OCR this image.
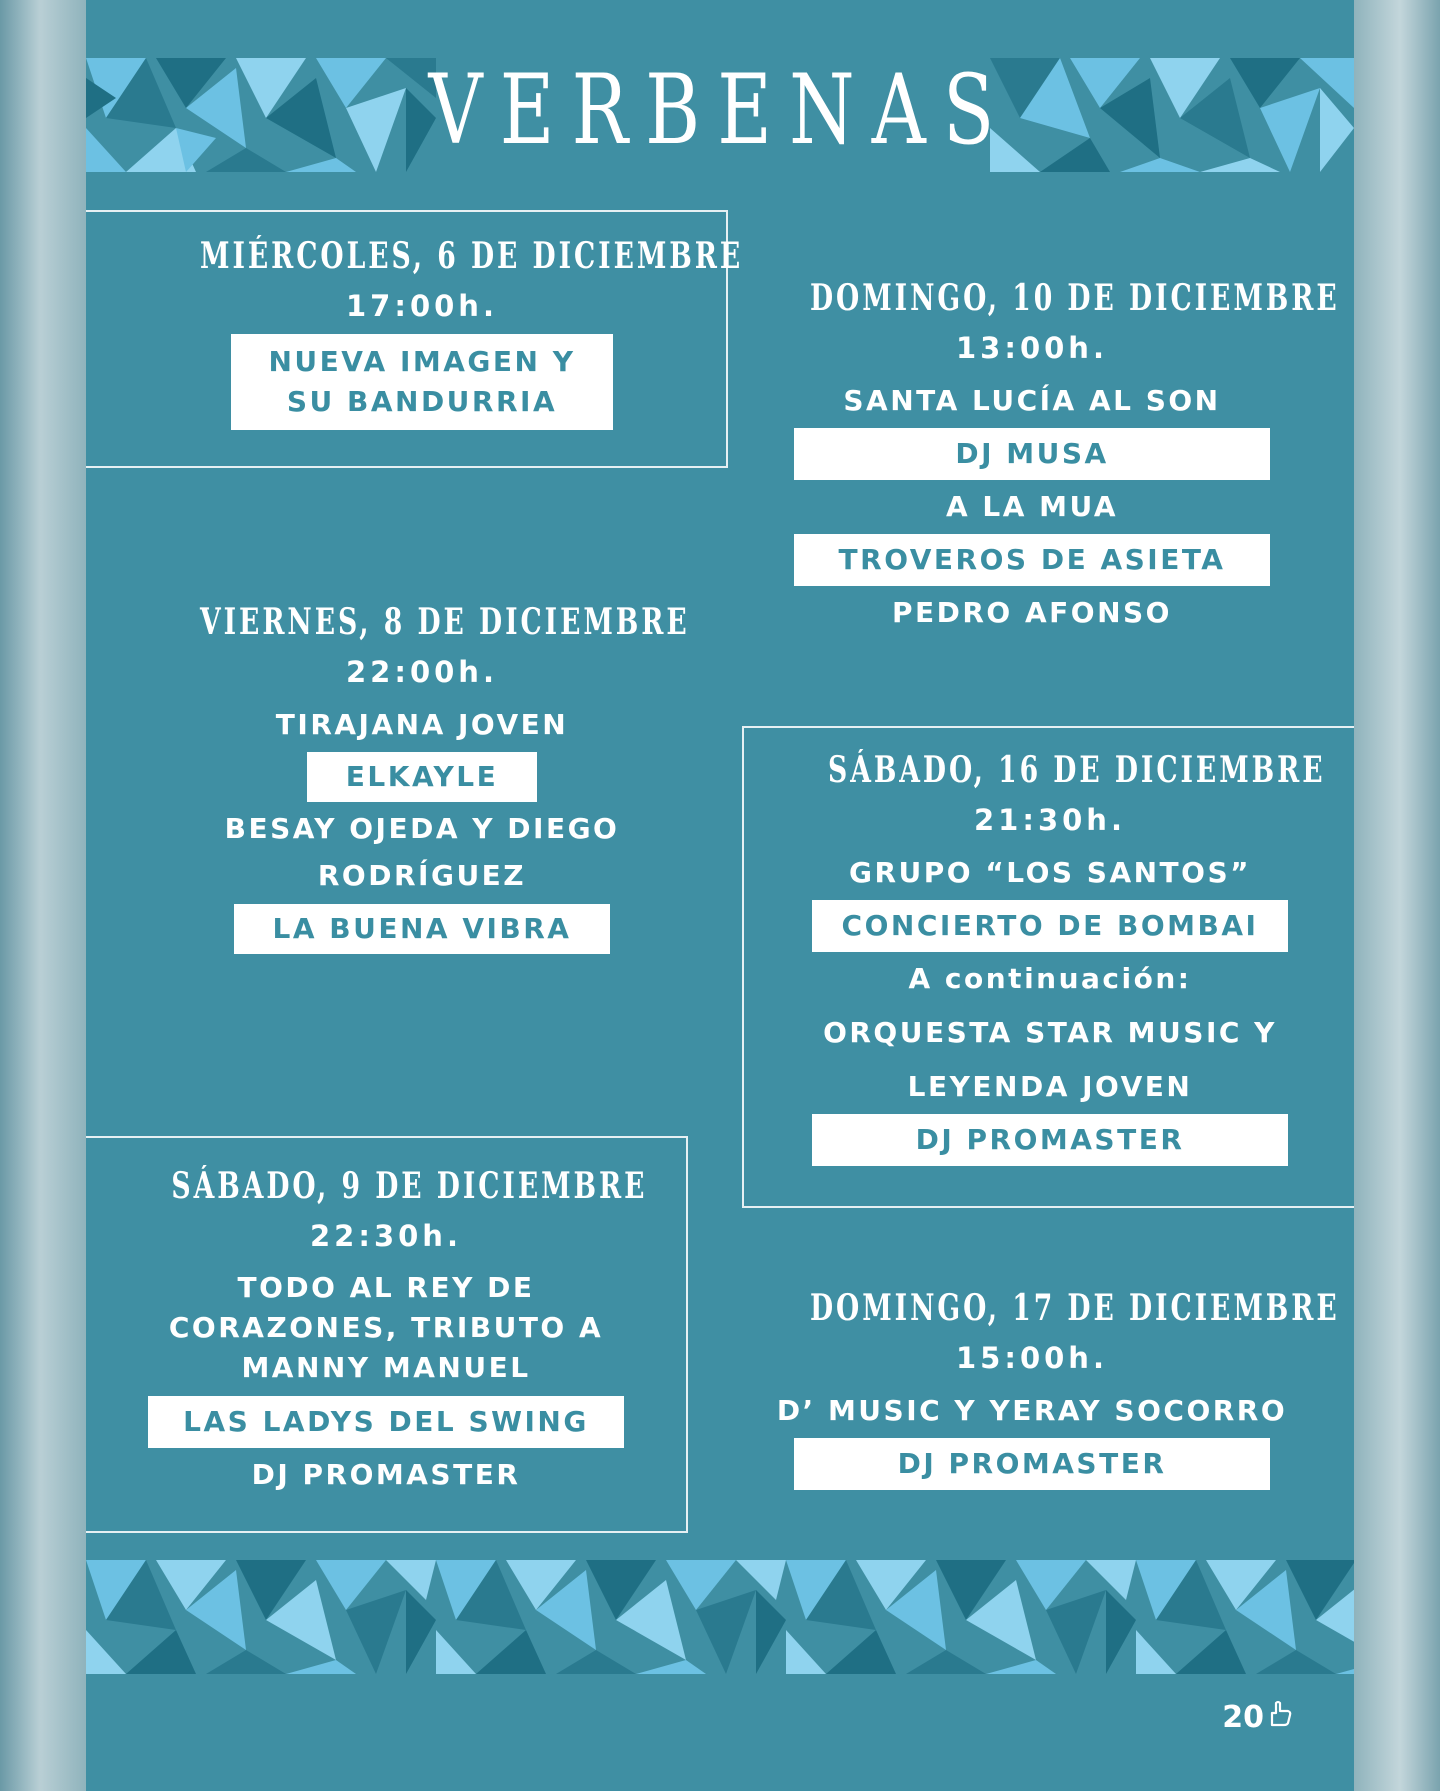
VERBENAS
MIÉRCOLES, 6 DE DICIEMBRE
17:00h.
NUEVA IMAGEN Y
SU BANDURRIA
VIERNES, 8 DE DICIEMBRE
22:00h.
TIRAJANA JOVEN
ELKAYLE
BESAY OJEDA Y DIEGO
RODRÍGUEZ
LA BUENA VIBRA
SÁBADO, 9 DE DICIEMBRE
22:30h.
TODO AL REY DE
CORAZONES, TRIBUTO A
MANNY MANUEL
LAS LADYS DEL SWING
DJ PROMASTER
DOMINGO, 10 DE DICIEMBRE
13:00h.
SANTA LUCÍA AL SON
DJ MUSA
A LA MUA
TROVEROS DE ASIETA
PEDRO AFONSO
SÁBADO, 16 DE DICIEMBRE
21:30h.
GRUPO “LOS SANTOS”
CONCIERTO DE BOMBAI
A continuación:
ORQUESTA STAR MUSIC Y
LEYENDA JOVEN
DJ PROMASTER
DOMINGO, 17 DE DICIEMBRE
15:00h.
D’ MUSIC Y YERAY SOCORRO
DJ PROMASTER
20
